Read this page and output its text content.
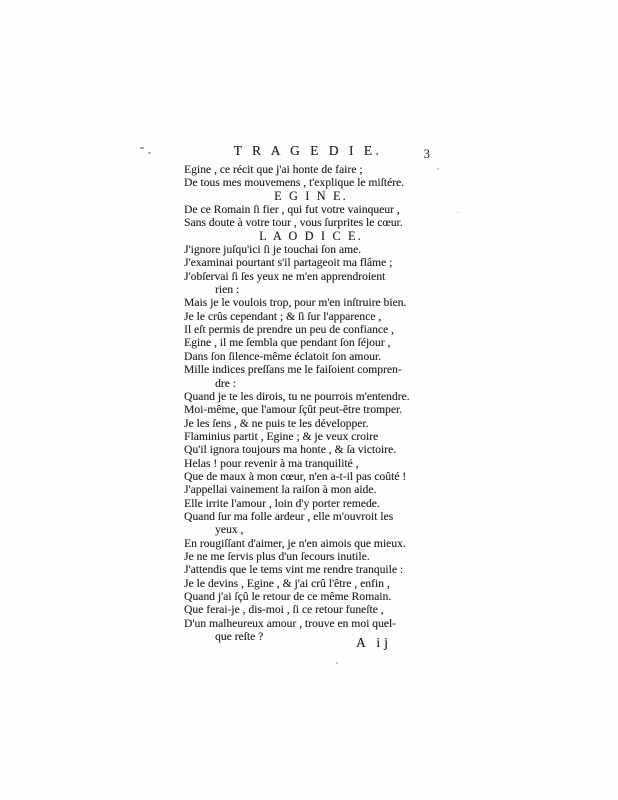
T R A G E D I E.	3
Egine , ce récit que j'ai honte de faire ;
De tous mes mouvemens , t'explique le miſtére.
E G I N E.
De ce Romain ſi fier , qui fut votre vainqueur ,
Sans doute à votre tour , vous ſurprites le cœur.
L A O D I C E.
J'ignore juſqu'ici ſi je touchai ſon ame.
J'examinai pourtant s'il partageoit ma flâme ;
J'obſervai ſi ſes yeux ne m'en apprendroient
rien :
Mais je le voulois trop, pour m'en inſtruire bien.
Je le crûs cependant ; & ſi ſur l'apparence ,
Il eſt permis de prendre un peu de confiance ,
Egine , il me ſembla que pendant ſon ſéjour ,
Dans ſon ſilence-même éclatoit ſon amour.
Mille indices preſſans me le faiſoient compren-
dre :
Quand je te les dirois, tu ne pourrois m'entendre.
Moi-même, que l'amour ſçût peut-être tromper.
Je les ſens , & ne puis te les développer.
Flaminius partit , Egine ; & je veux croire
Qu'il ignora toujours ma honte , & ſa victoire.
Helas ! pour revenir à ma tranquilité ,
Que de maux à mon cœur, n'en a-t-il pas coûté !
J'appellai vainement la raiſon à mon aide.
Elle irrite l'amour , loin d'y porter remede.
Quand ſur ma folle ardeur , elle m'ouvroit les
yeux ,
En rougiſſant d'aimer, je n'en aimois que mieux.
Je ne me ſervis plus d'un ſecours inutile.
J'attendis que le tems vint me rendre tranquile :
Je le devins , Egine , & j'ai crû l'être , enfin ,
Quand j'ai ſçû le retour de ce même Romain.
Que ferai-je , dis-moi , ſi ce retour funeſte ,
D'un malheureux amour , trouve en moi quel-
que reſte ?	A ij
